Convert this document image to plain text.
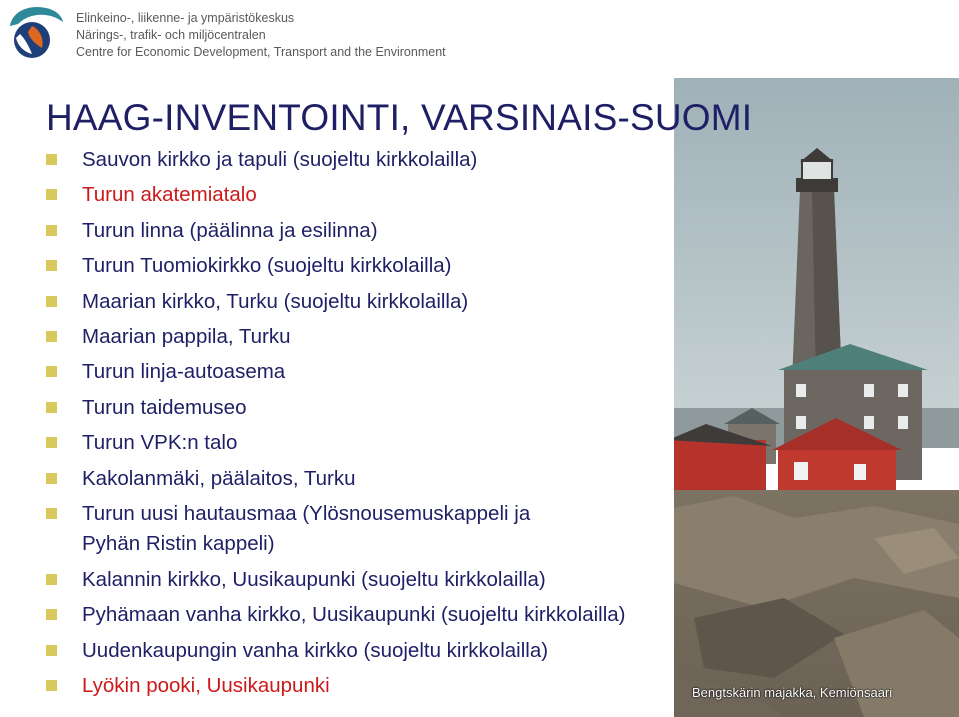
Elinkeino-, liikenne- ja ympäristökeskus
Närings-, trafik- och miljöcentralen
Centre for Economic Development, Transport and the Environment
Bengtskärin majakka, Kemiönsaari
HAAG-INVENTOINTI, VARSINAIS-SUOMI
Sauvon kirkko ja tapuli (suojeltu kirkkolailla)
Turun akatemiatalo
Turun linna (päälinna ja esilinna)
Turun Tuomiokirkko (suojeltu kirkkolailla)
Maarian kirkko, Turku (suojeltu kirkkolailla)
Maarian pappila, Turku
Turun linja-autoasema
Turun taidemuseo
Turun VPK:n talo
Kakolanmäki, päälaitos, Turku
Turun uusi hautausmaa (Ylösnousemuskappeli ja
Pyhän Ristin kappeli)
Kalannin kirkko, Uusikaupunki (suojeltu kirkkolailla)
Pyhämaan vanha kirkko, Uusikaupunki (suojeltu kirkkolailla)
Uudenkaupungin vanha kirkko (suojeltu kirkkolailla)
Lyökin pooki, Uusikaupunki
